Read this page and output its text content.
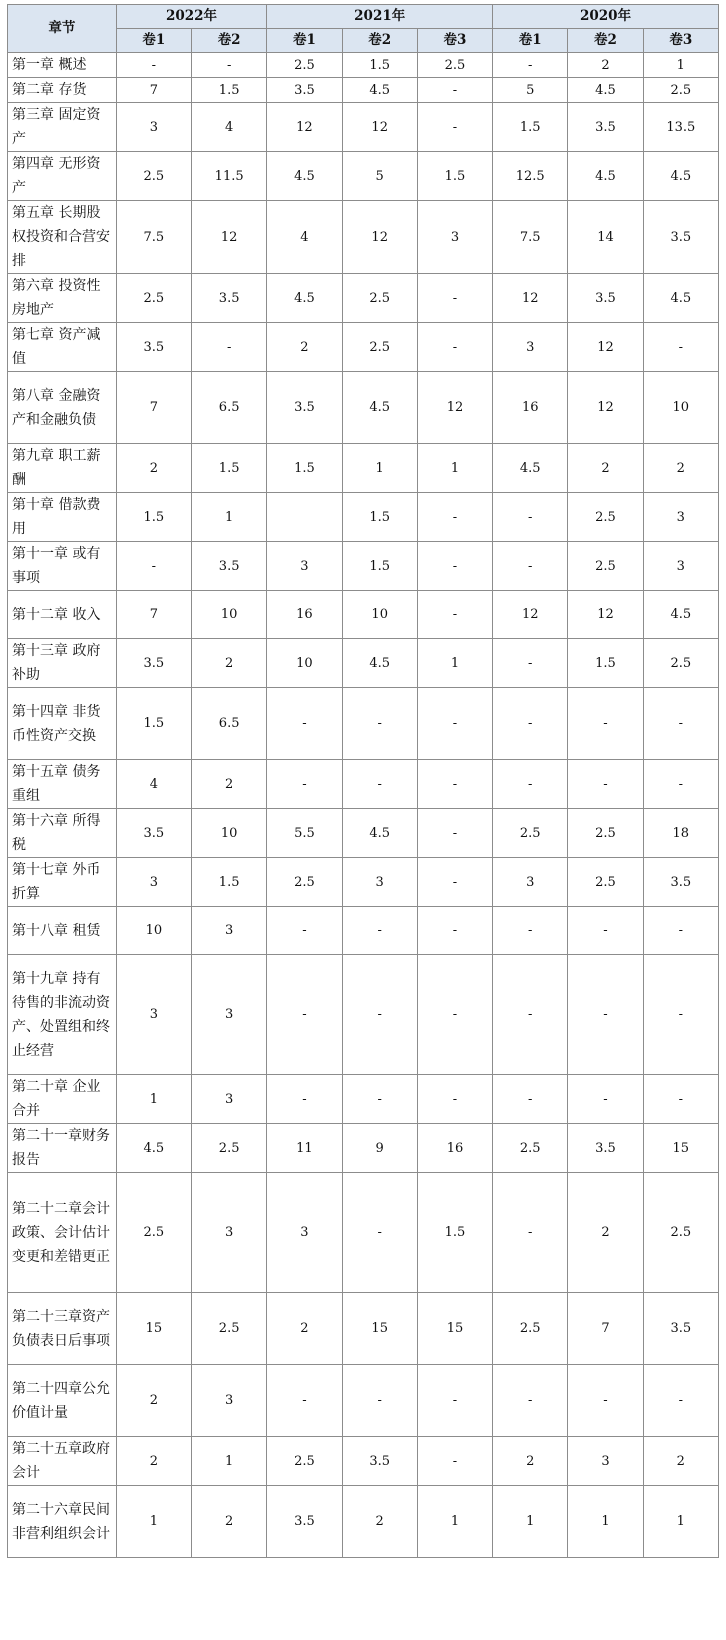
章节	2022年		2021年			2020年		
	卷1	卷2	卷1	卷2	卷3	卷1	卷2	卷3
第一章 概述	-	-	2.5	1.5	2.5	-	2	1
第二章 存货	7	1.5	3.5	4.5	-	5	4.5	2.5
第三章 固定资产	3	4	12	12	-	1.5	3.5	13.5
第四章 无形资产	2.5	11.5	4.5	5	1.5	12.5	4.5	4.5
第五章 长期股权投资和合营安排	7.5	12	4	12	3	7.5	14	3.5
第六章 投资性房地产	2.5	3.5	4.5	2.5	-	12	3.5	4.5
第七章 资产减值	3.5	-	2	2.5	-	3	12	-
第八章 金融资产和金融负债	7	6.5	3.5	4.5	12	16	12	10
第九章 职工薪酬	2	1.5	1.5	1	1	4.5	2	2
第十章 借款费用	1.5	1		1.5	-	-	2.5	3
第十一章 或有事项	-	3.5	3	1.5	-	-	2.5	3
第十二章 收入	7	10	16	10	-	12	12	4.5
第十三章 政府补助	3.5	2	10	4.5	1	-	1.5	2.5
第十四章 非货币性资产交换	1.5	6.5	-	-	-	-	-	-
第十五章 债务重组	4	2	-	-	-	-	-	-
第十六章 所得税	3.5	10	5.5	4.5	-	2.5	2.5	18
第十七章 外币折算	3	1.5	2.5	3	-	3	2.5	3.5
第十八章 租赁	10	3	-	-	-	-	-	-
第十九章 持有待售的非流动资产、处置组和终止经营	3	3	-	-	-	-	-	-
第二十章 企业合并	1	3	-	-	-	-	-	-
第二十一章财务报告	4.5	2.5	11	9	16	2.5	3.5	15
第二十二章会计政策、会计估计变更和差错更正	2.5	3	3	-	1.5	-	2	2.5
第二十三章资产负债表日后事项	15	2.5	2	15	15	2.5	7	3.5
第二十四章公允价值计量	2	3	-	-	-	-	-	-
第二十五章政府会计	2	1	2.5	3.5	-	2	3	2
第二十六章民间非营利组织会计	1	2	3.5	2	1	1	1	1
